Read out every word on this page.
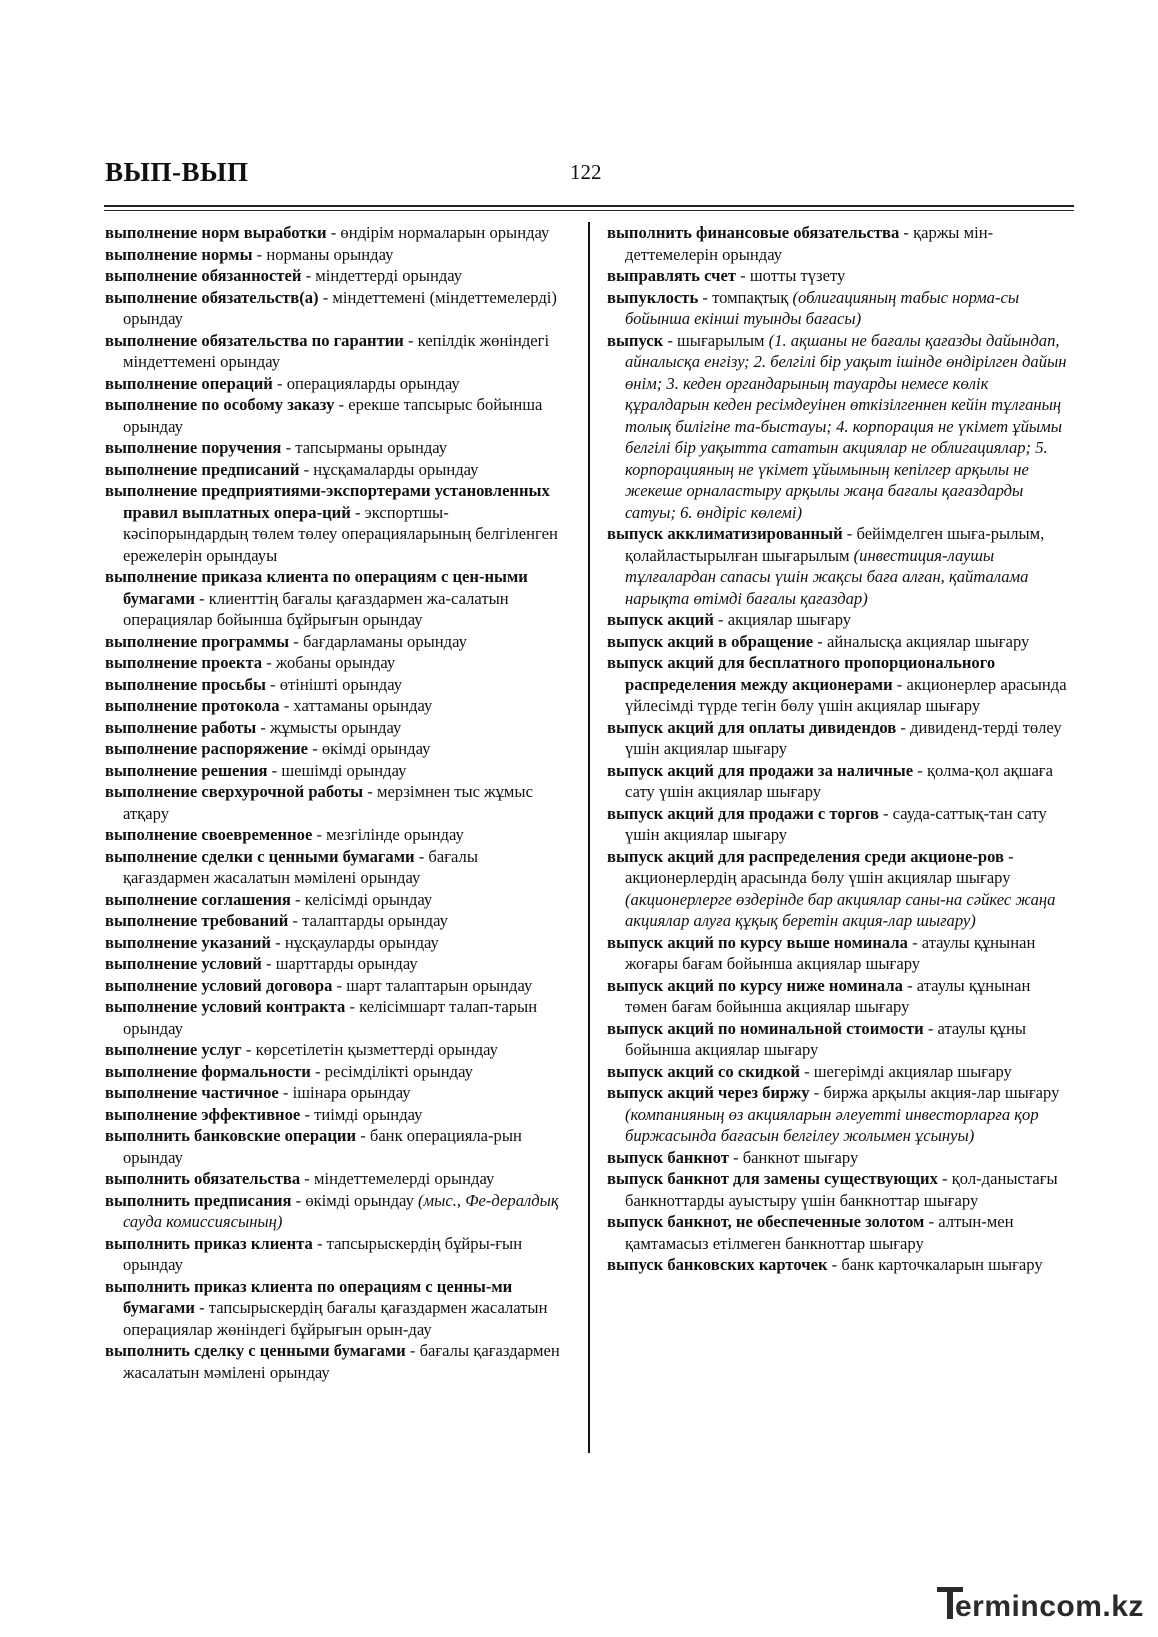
ВЫП-ВЫП	122

выполнение норм выработки - өндірім нормаларын орындау

выполнение нормы - норманы орындау

выполнение обязанностей - міндеттерді орындау

выполнение обязательств(а) - міндеттемені (міндеттемелерді) орындау

выполнение обязательства по гарантии - кепілдік жөніндегі міндеттемені орындау

выполнение операций - операцияларды орындау

выполнение по особому заказу - ерекше тапсырыс бойынша орындау

выполнение поручения - тапсырманы орындау

выполнение предписаний - нұсқамаларды орындау

выполнение предприятиями-экспортерами установленных правил выплатных опера-ций - экспортшы-кәсіпорындардың төлем төлеу операцияларының белгіленген ережелерін орындауы

выполнение приказа клиента по операциям с цен-ными бумагами - клиенттің бағалы қағаздармен жа-салатын операциялар бойынша бұйрығын орындау

выполнение программы - бағдарламаны орындау

выполнение проекта - жобаны орындау

выполнение просьбы - өтінішті орындау

выполнение протокола - хаттаманы орындау

выполнение работы - жұмысты орындау

выполнение распоряжение - өкімді орындау

выполнение решения - шешімді орындау

выполнение сверхурочной работы - мерзімнен тыс жұмыс атқару

выполнение своевременное - мезгілінде орындау

выполнение сделки с ценными бумагами - бағалы қағаздармен жасалатын мәмілені орындау

выполнение соглашения - келісімді орындау

выполнение требований - талаптарды орындау

выполнение указаний - нұсқауларды орындау

выполнение условий - шарттарды орындау

выполнение условий договора - шарт талаптарын орындау

выполнение условий контракта - келісімшарт талап-тарын орындау

выполнение услуг - көрсетілетін қызметтерді орындау

выполнение формальности - ресімділікті орындау

выполнение частичное - ішінара орындау

выполнение эффективное - тиімді орындау

выполнить банковские операции - банк операцияла-рын орындау

выполнить обязательства - міндеттемелерді орындау

выполнить предписания - өкімді орындау (мыс., Фе-дералдық сауда комиссиясының)

выполнить приказ клиента - тапсырыскердің бұйры-ғын орындау

выполнить приказ клиента по операциям с ценны-ми бумагами - тапсырыскердің бағалы қағаздармен жасалатын операциялар жөніндегі бұйрығын орын-дау

выполнить сделку с ценными бумагами - бағалы қағаздармен жасалатын мәмілені орындау

выполнить финансовые обязательства - қаржы мін-деттемелерін орындау

выправлять счет - шотты түзету

выпуклость - томпақтық (облигацияның табыс норма-сы бойынша екінші туынды бағасы)

выпуск - шығарылым (1. ақшаны не бағалы қағазды дайындап, айналысқа енгізу; 2. белгілі бір уақыт ішінде өндірілген дайын өнім; 3. кеден органдарының тауарды немесе көлік құралдарын кеден ресімдеуінен өткізілгеннен кейін тұлғаның толық билігіне та-быстауы; 4. корпорация не үкімет ұйымы белгілі бір уақытта сататын акциялар не облигациялар; 5. корпорацияның не үкімет ұйымының кепілгер арқылы не жекеше орналастыру арқылы жаңа бағалы қағаздарды сатуы; 6. өндіріс көлемі)

выпуск акклиматизированный - бейімделген шыға-рылым, қолайластырылған шығарылым (инвестиция-лаушы тұлғалардан сапасы үшін жақсы баға алған, қайталама нарықта өтімді бағалы қағаздар)

выпуск акций - акциялар шығару

выпуск акций в обращение - айналысқа акциялар шығару

выпуск акций для бесплатного пропорционального распределения между акционерами - акционерлер арасында үйлесімді түрде тегін бөлу үшін акциялар шығару

выпуск акций для оплаты дивидендов - дивиденд-терді төлеу үшін акциялар шығару

выпуск акций для продажи за наличные - қолма-қол ақшаға сату үшін акциялар шығару

выпуск акций для продажи с торгов - сауда-саттық-тан сату үшін акциялар шығару

выпуск акций для распределения среди акционе-ров - акционерлердің арасында бөлу үшін акциялар шығару (акционерлерге өздерінде бар акциялар саны-на сәйкес жаңа акциялар алуға құқық беретін акция-лар шығару)

выпуск акций по курсу выше номинала - атаулы құнынан жоғары бағам бойынша акциялар шығару

выпуск акций по курсу ниже номинала - атаулы құнынан төмен бағам бойынша акциялар шығару

выпуск акций по номинальной стоимости - атаулы құны бойынша акциялар шығару

выпуск акций со скидкой - шегерімді акциялар шығару

выпуск акций через биржу - биржа арқылы акция-лар шығару (компанияның өз акцияларын әлеуетті инвесторларға қор биржасында бағасын белгілеу жолымен ұсынуы)

выпуск банкнот - банкнот шығару

выпуск банкнот для замены существующих - қол-даныстағы банкноттарды ауыстыру үшін банкноттар шығару

выпуск банкнот, не обеспеченные золотом - алтын-мен қамтамасыз етілмеген банкноттар шығару

выпуск банковских карточек - банк карточкаларын шығару

ermincom.kz
